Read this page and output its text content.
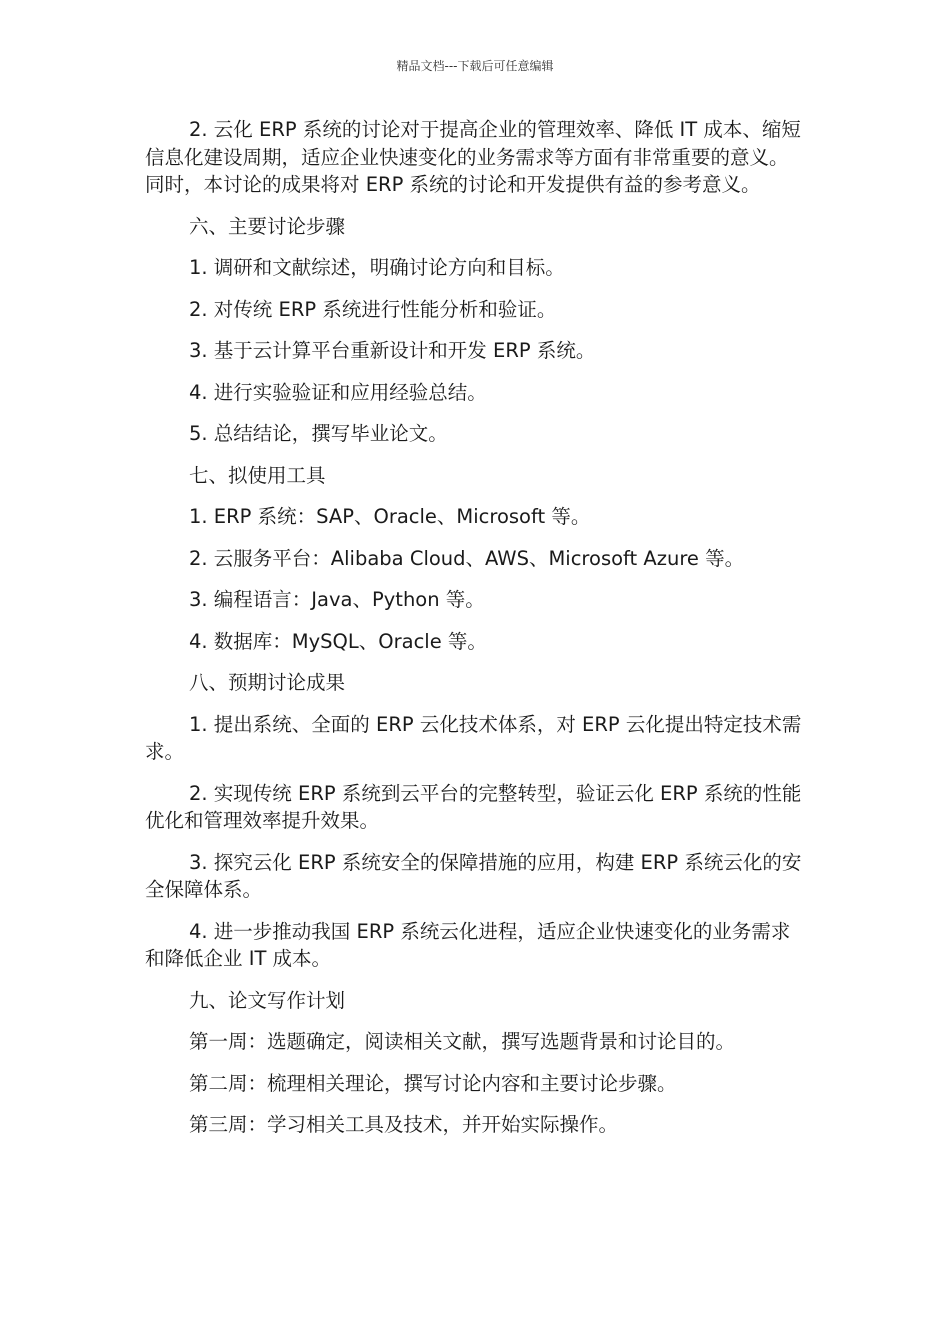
精品文档---下载后可任意编辑

2. 云化 ERP 系统的讨论对于提高企业的管理效率、降低 IT 成本、缩短信息化建设周期，适应企业快速变化的业务需求等方面有非常重要的意义。同时，本讨论的成果将对 ERP 系统的讨论和开发提供有益的参考意义。

六、主要讨论步骤

1. 调研和文献综述，明确讨论方向和目标。

2. 对传统 ERP 系统进行性能分析和验证。

3. 基于云计算平台重新设计和开发 ERP 系统。

4. 进行实验验证和应用经验总结。

5. 总结结论，撰写毕业论文。

七、拟使用工具

1. ERP 系统：SAP、Oracle、Microsoft 等。

2. 云服务平台：Alibaba Cloud、AWS、Microsoft Azure 等。

3. 编程语言：Java、Python 等。

4. 数据库：MySQL、Oracle 等。

八、预期讨论成果

1. 提出系统、全面的 ERP 云化技术体系，对 ERP 云化提出特定技术需求。

2. 实现传统 ERP 系统到云平台的完整转型，验证云化 ERP 系统的性能优化和管理效率提升效果。

3. 探究云化 ERP 系统安全的保障措施的应用，构建 ERP 系统云化的安全保障体系。

4. 进一步推动我国 ERP 系统云化进程，适应企业快速变化的业务需求和降低企业 IT 成本。

九、论文写作计划

第一周：选题确定，阅读相关文献，撰写选题背景和讨论目的。

第二周：梳理相关理论，撰写讨论内容和主要讨论步骤。

第三周：学习相关工具及技术，并开始实际操作。
